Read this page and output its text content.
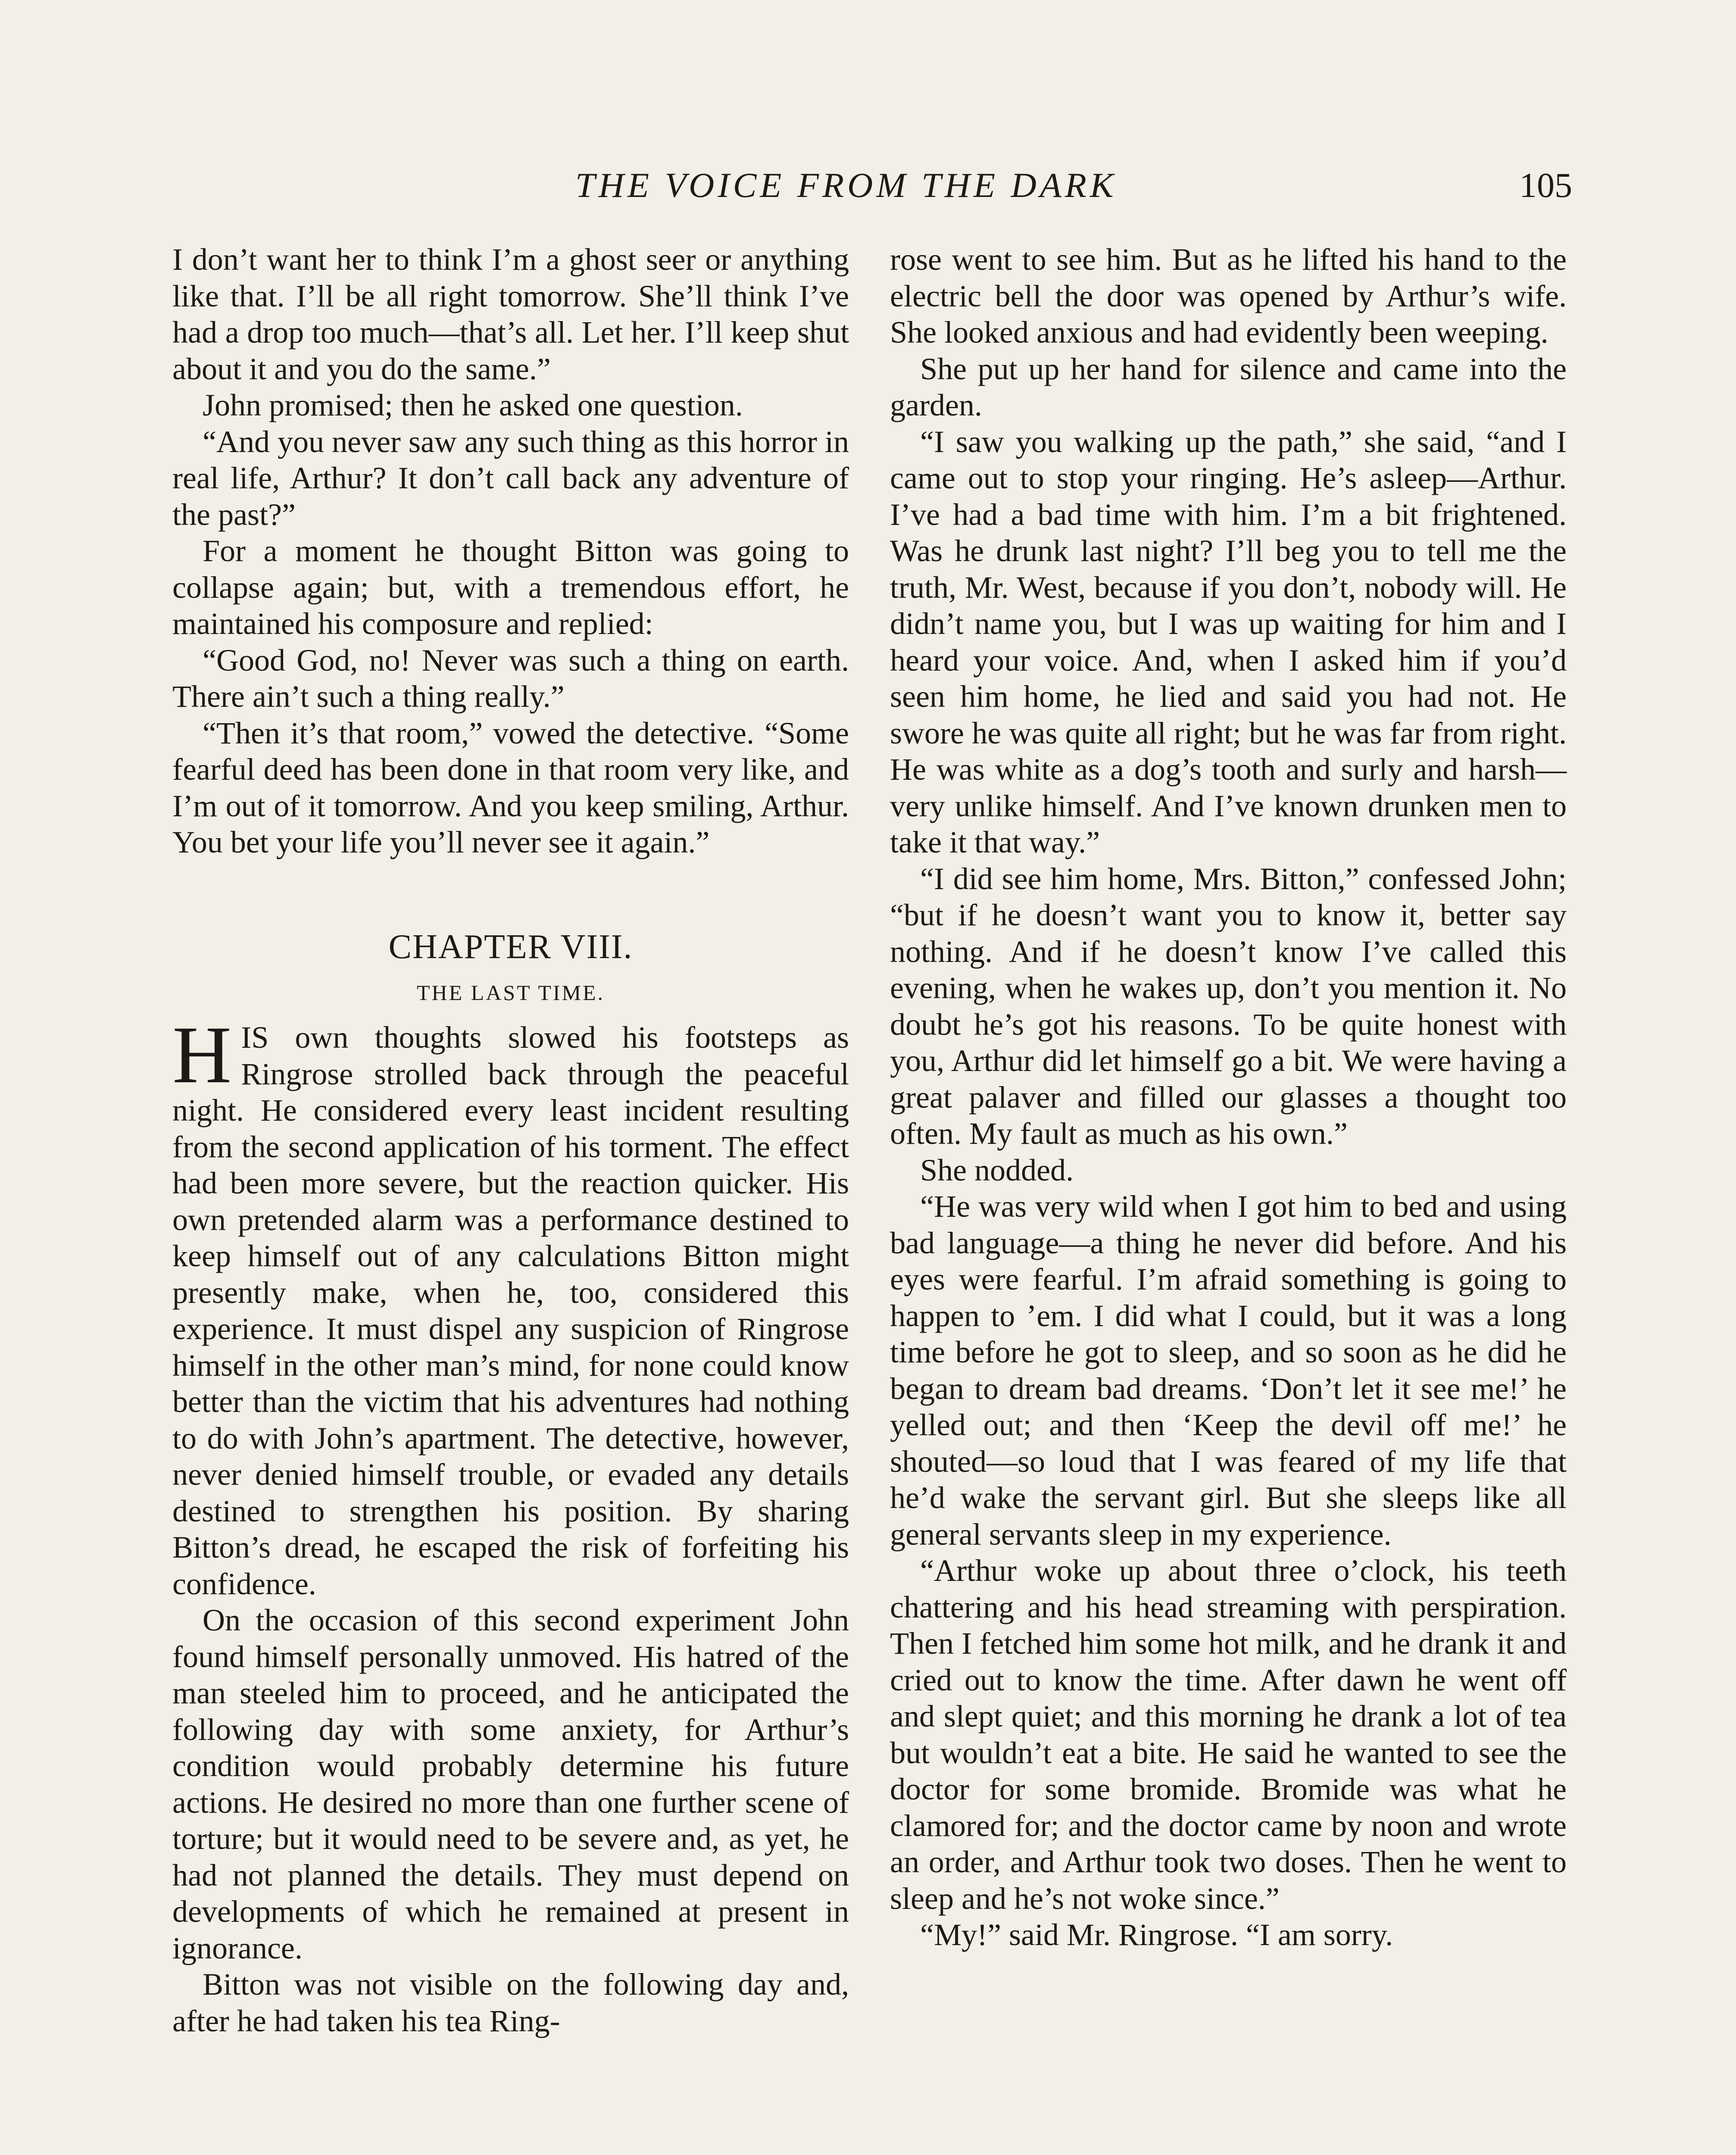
THE VOICE FROM THE DARK	105

I don’t want her to think I’m a ghost seer or anything like that. I’ll be all right tomorrow. She’ll think I’ve had a drop too much—that’s all. Let her. I’ll keep shut about it and you do the same.”

John promised; then he asked one question.

“And you never saw any such thing as this horror in real life, Arthur? It don’t call back any adventure of the past?”

For a moment he thought Bitton was going to collapse again; but, with a tremendous effort, he maintained his composure and replied:

“Good God, no! Never was such a thing on earth. There ain’t such a thing really.”

“Then it’s that room,” vowed the detective. “Some fearful deed has been done in that room very like, and I’m out of it tomorrow. And you keep smiling, Arthur. You bet your life you’ll never see it again.”

CHAPTER VIII.
THE LAST TIME.

HIS own thoughts slowed his footsteps as Ringrose strolled back through the peaceful night. He considered every least incident resulting from the second application of his torment. The effect had been more severe, but the reaction quicker. His own pretended alarm was a performance destined to keep himself out of any calculations Bitton might presently make, when he, too, considered this experience. It must dispel any suspicion of Ringrose himself in the other man’s mind, for none could know better than the victim that his adventures had nothing to do with John’s apartment. The detective, however, never denied himself trouble, or evaded any details destined to strengthen his position. By sharing Bitton’s dread, he escaped the risk of forfeiting his confidence.

On the occasion of this second experiment John found himself personally unmoved. His hatred of the man steeled him to proceed, and he anticipated the following day with some anxiety, for Arthur’s condition would probably determine his future actions. He desired no more than one further scene of torture; but it would need to be severe and, as yet, he had not planned the details. They must depend on developments of which he remained at present in ignorance.

Bitton was not visible on the following day and, after he had taken his tea Ring-

rose went to see him. But as he lifted his hand to the electric bell the door was opened by Arthur’s wife. She looked anxious and had evidently been weeping.

She put up her hand for silence and came into the garden.

“I saw you walking up the path,” she said, “and I came out to stop your ringing. He’s asleep—Arthur. I’ve had a bad time with him. I’m a bit frightened. Was he drunk last night? I’ll beg you to tell me the truth, Mr. West, because if you don’t, nobody will. He didn’t name you, but I was up waiting for him and I heard your voice. And, when I asked him if you’d seen him home, he lied and said you had not. He swore he was quite all right; but he was far from right. He was white as a dog’s tooth and surly and harsh—very unlike himself. And I’ve known drunken men to take it that way.”

“I did see him home, Mrs. Bitton,” confessed John; “but if he doesn’t want you to know it, better say nothing. And if he doesn’t know I’ve called this evening, when he wakes up, don’t you mention it. No doubt he’s got his reasons. To be quite honest with you, Arthur did let himself go a bit. We were having a great palaver and filled our glasses a thought too often. My fault as much as his own.”

She nodded.

“He was very wild when I got him to bed and using bad language—a thing he never did before. And his eyes were fearful. I’m afraid something is going to happen to ’em. I did what I could, but it was a long time before he got to sleep, and so soon as he did he began to dream bad dreams. ‘Don’t let it see me!’ he yelled out; and then ‘Keep the devil off me!’ he shouted—so loud that I was feared of my life that he’d wake the servant girl. But she sleeps like all general servants sleep in my experience.

“Arthur woke up about three o’clock, his teeth chattering and his head streaming with perspiration. Then I fetched him some hot milk, and he drank it and cried out to know the time. After dawn he went off and slept quiet; and this morning he drank a lot of tea but wouldn’t eat a bite. He said he wanted to see the doctor for some bromide. Bromide was what he clamored for; and the doctor came by noon and wrote an order, and Arthur took two doses. Then he went to sleep and he’s not woke since.”

“My!” said Mr. Ringrose. “I am sorry.
